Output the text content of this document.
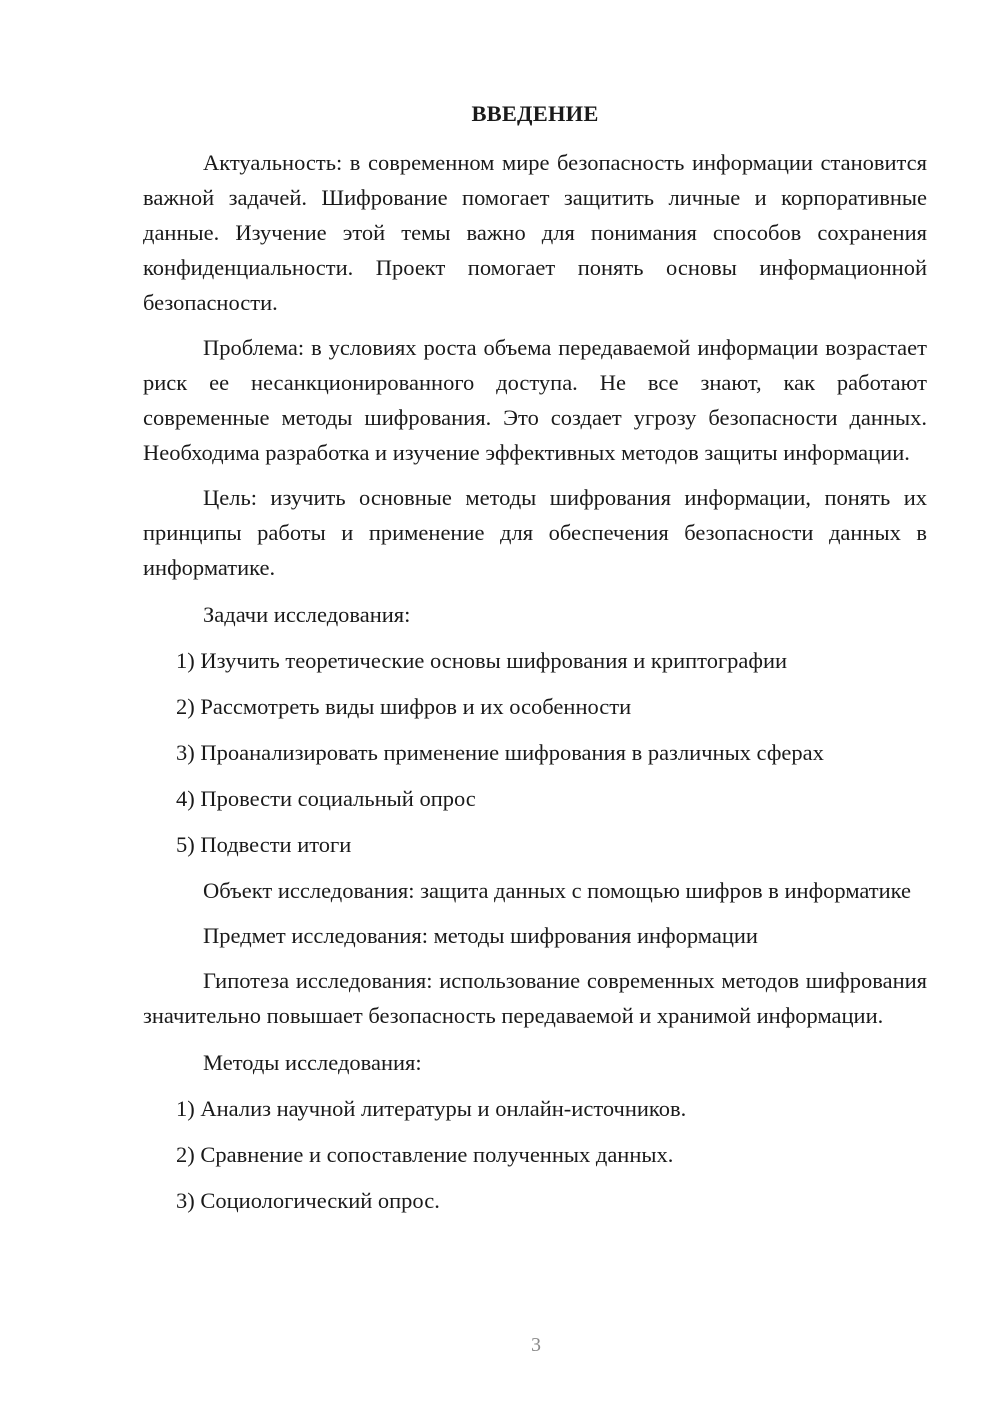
ВВЕДЕНИЕ

Актуальность: в современном мире безопасность информации становится важной задачей. Шифрование помогает защитить личные и корпоративные данные. Изучение этой темы важно для понимания способов сохранения конфиденциальности. Проект помогает понять основы информационной безопасности.

Проблема: в условиях роста объема передаваемой информации возрастает риск ее несанкционированного доступа. Не все знают, как работают современные методы шифрования. Это создает угрозу безопасности данных. Необходима разработка и изучение эффективных методов защиты информации.

Цель: изучить основные методы шифрования информации, понять их принципы работы и применение для обеспечения безопасности данных в информатике.

Задачи исследования:
1) Изучить теоретические основы шифрования и криптографии
2) Рассмотреть виды шифров и их особенности
3) Проанализировать применение шифрования в различных сферах
4) Провести социальный опрос
5) Подвести итоги

Объект исследования: защита данных с помощью шифров в информатике

Предмет исследования: методы шифрования информации

Гипотеза исследования: использование современных методов шифрования значительно повышает безопасность передаваемой и хранимой информации.

Методы исследования:
1) Анализ научной литературы и онлайн-источников.
2) Сравнение и сопоставление полученных данных.
3) Социологический опрос.
3
